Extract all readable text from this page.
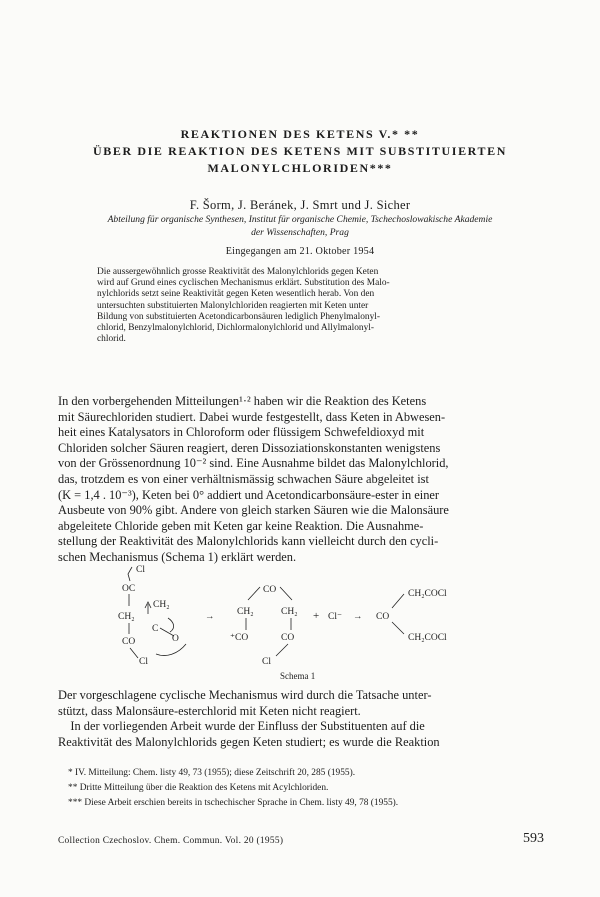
REAKTIONEN DES KETENS V.* **
ÜBER DIE REAKTION DES KETENS MIT SUBSTITUIERTEN
MALONYLCHLORIDEN***
F. Šorm, J. Beránek, J. Smrt und J. Sicher
Abteilung für organische Synthesen, Institut für organische Chemie, Tschechoslowakische Akademie
der Wissenschaften, Prag
Eingegangen am 21. Oktober 1954
Die aussergewöhnlich grosse Reaktivität des Malonylchlorids gegen Keten
wird auf Grund eines cyclischen Mechanismus erklärt. Substitution des Malo-
nylchlorids setzt seine Reaktivität gegen Keten wesentlich herab. Von den
untersuchten substituierten Malonylchloriden reagierten mit Keten unter
Bildung von substituierten Acetondicarbonsäuren lediglich Phenylmalonyl-
chlorid, Benzylmalonylchlorid, Dichlormalonylchlorid und Allylmalonyl-
chlorid.
In den vorbergehenden Mitteilungen¹·² haben wir die Reaktion des Ketens
mit Säurechloriden studiert. Dabei wurde festgestellt, dass Keten in Abwesen-
heit eines Katalysators in Chloroform oder flüssigem Schwefeldioxyd mit
Chloriden solcher Säuren reagiert, deren Dissoziationskonstanten wenigstens
von der Grössenordnung 10⁻² sind. Eine Ausnahme bildet das Malonylchlorid,
das, trotzdem es von einer verhältnismässig schwachen Säure abgeleitet ist
(K = 1,4 . 10⁻³), Keten bei 0° addiert und Acetondicarbonsäure-ester in einer
Ausbeute von 90% gibt. Andere von gleich starken Säuren wie die Malonsäure
abgeleitete Chloride geben mit Keten gar keine Reaktion. Die Ausnahme-
stellung der Reaktivität des Malonylchlorids kann vielleicht durch den cycli-
schen Mechanismus (Schema 1) erklärt werden.
Cl
OC
CH₂
CH₂
C
O
CO
Cl
→
CO
CH₂	CH₂
⁺CO	CO
Cl
+ Cl⁻ →
CH₂COCl
CO
CH₂COCl
Schema 1
Der vorgeschlagene cyclische Mechanismus wird durch die Tatsache unter-
stützt, dass Malonsäure-esterchlorid mit Keten nicht reagiert.
In der vorliegenden Arbeit wurde der Einfluss der Substituenten auf die
Reaktivität des Malonylchlorids gegen Keten studiert; es wurde die Reaktion
* IV. Mitteilung: Chem. listy 49, 73 (1955); diese Zeitschrift 20, 285 (1955).
** Dritte Mitteilung über die Reaktion des Ketens mit Acylchloriden.
*** Diese Arbeit erschien bereits in tschechischer Sprache in Chem. listy 49, 78 (1955).
Collection Czechoslov. Chem. Commun. Vol. 20 (1955)	593
